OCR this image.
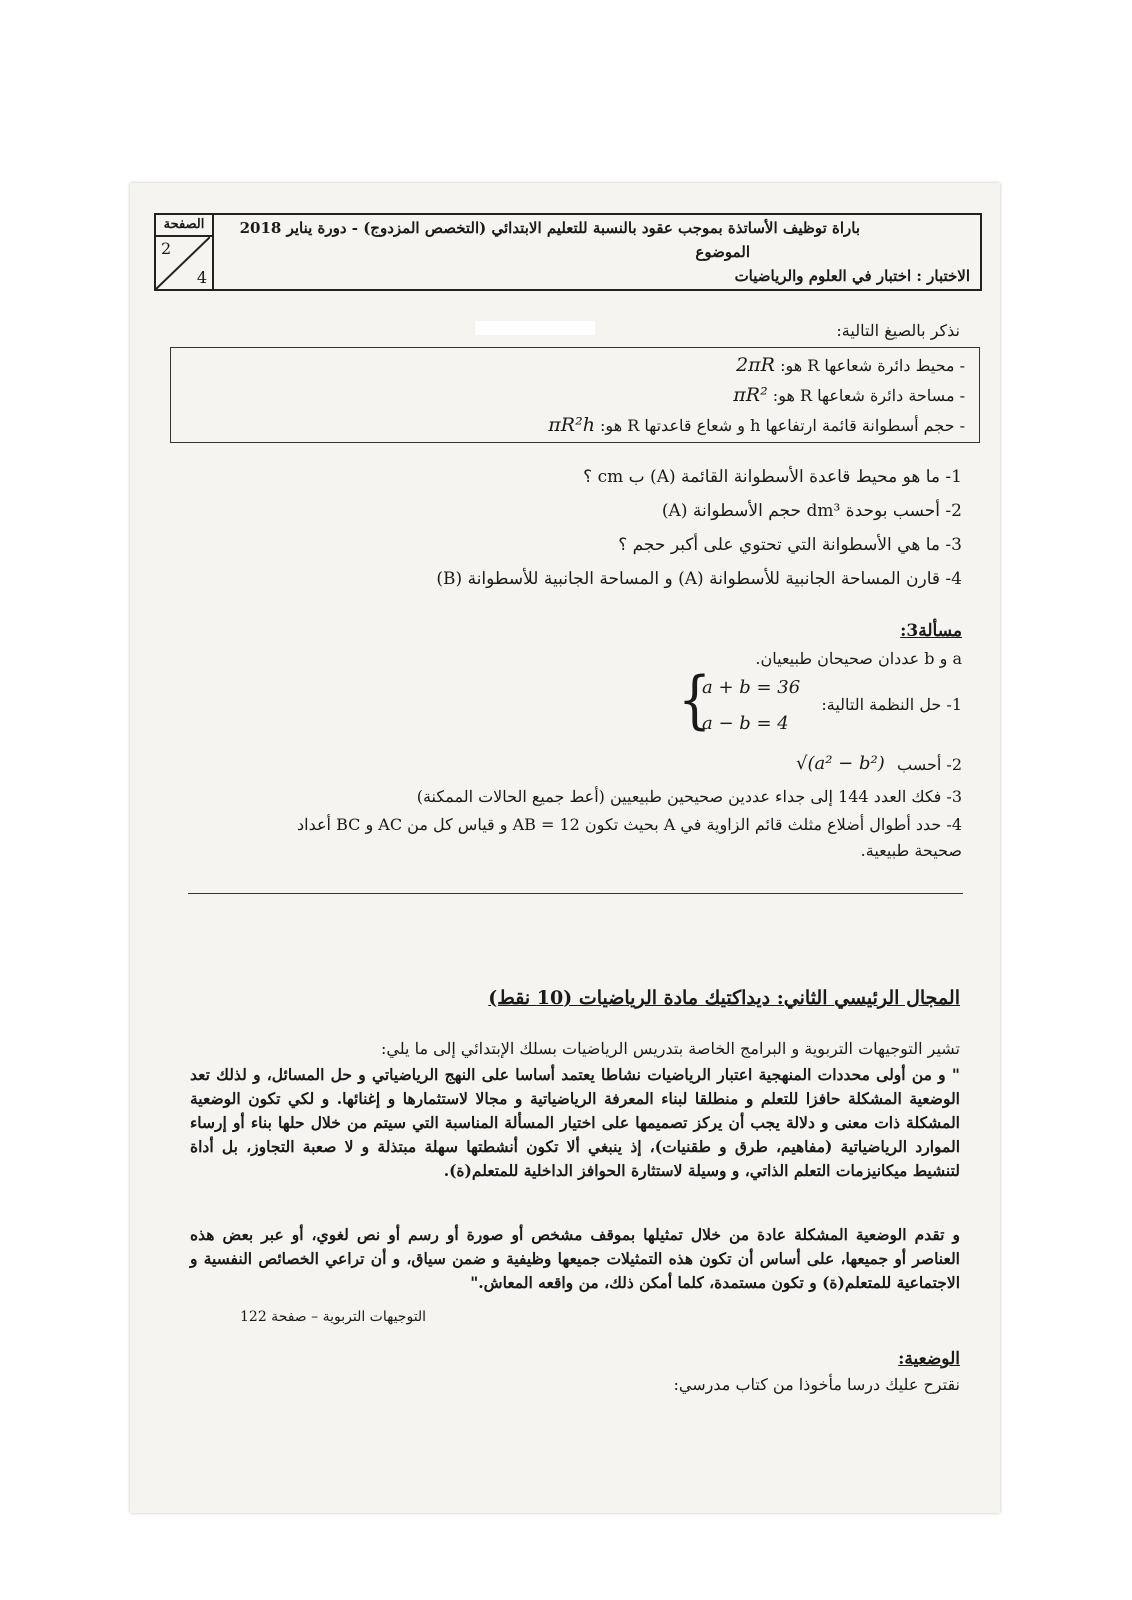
الصفحة
2
4
باراة توظيف الأساتذة بموجب عقود بالنسبة للتعليم الابتدائي (التخصص المزدوج) - دورة يناير 2018
الموضوع
الاختبار : اختبار في العلوم والرياضيات
نذكر بالصيغ التالية:
- محيط دائرة شعاعها R هو: 2πR
- مساحة دائرة شعاعها R هو: πR²
- حجم أسطوانة قائمة ارتفاعها h و شعاع قاعدتها R هو: πR²h
1- ما هو محيط قاعدة الأسطوانة القائمة (A) ب cm ؟
2- أحسب بوحدة dm³ حجم الأسطوانة (A)
3- ما هي الأسطوانة التي تحتوي على أكبر حجم ؟
4- قارن المساحة الجانبية للأسطوانة (A) و المساحة الجانبية للأسطوانة (B)
مسألة3:
a و b عددان صحيحان طبيعيان.
1- حل النظمة التالية:
{
a + b = 36
a − b = 4
2- أحسب
√(a² − b²)
3- فكك العدد 144 إلى جداء عددين صحيحين طبيعيين (أعط جميع الحالات الممكنة)
4- حدد أطوال أضلاع مثلث قائم الزاوية في A بحيث تكون AB = 12 و قياس كل من AC و BC أعداد
صحيحة طبيعية.
المجال الرئيسي الثاني: ديداكتيك مادة الرياضيات (10 نقط)
تشير التوجيهات التربوية و البرامج الخاصة بتدريس الرياضيات بسلك الإبتدائي إلى ما يلي:
" و من أولى محددات المنهجية اعتبار الرياضيات نشاطا يعتمد أساسا على النهج الرياضياتي و حل المسائل، و لذلك تعد الوضعية المشكلة حافزا للتعلم و منطلقا لبناء المعرفة الرياضياتية و مجالا لاستثمارها و إغنائها. و لكي تكون الوضعية المشكلة ذات معنى و دلالة يجب أن يركز تصميمها على اختيار المسألة المناسبة التي سيتم من خلال حلها بناء أو إرساء الموارد الرياضياتية (مفاهيم، طرق و طقنيات)، إذ ينبغي ألا تكون أنشطتها سهلة مبتذلة و لا صعبة التجاوز، بل أداة لتنشيط ميكانيزمات التعلم الذاتي، و وسيلة لاستثارة الحوافز الداخلية للمتعلم(ة).
و تقدم الوضعية المشكلة عادة من خلال تمثيلها بموقف مشخص أو صورة أو رسم أو نص لغوي، أو عبر بعض هذه العناصر أو جميعها، على أساس أن تكون هذه التمثيلات جميعها وظيفية و ضمن سياق، و أن تراعي الخصائص النفسية و الاجتماعية للمتعلم(ة) و تكون مستمدة، كلما أمكن ذلك، من واقعه المعاش."
التوجيهات التربوية – صفحة 122
الوضعية:
نقترح عليك درسا مأخوذا من كتاب مدرسي:
